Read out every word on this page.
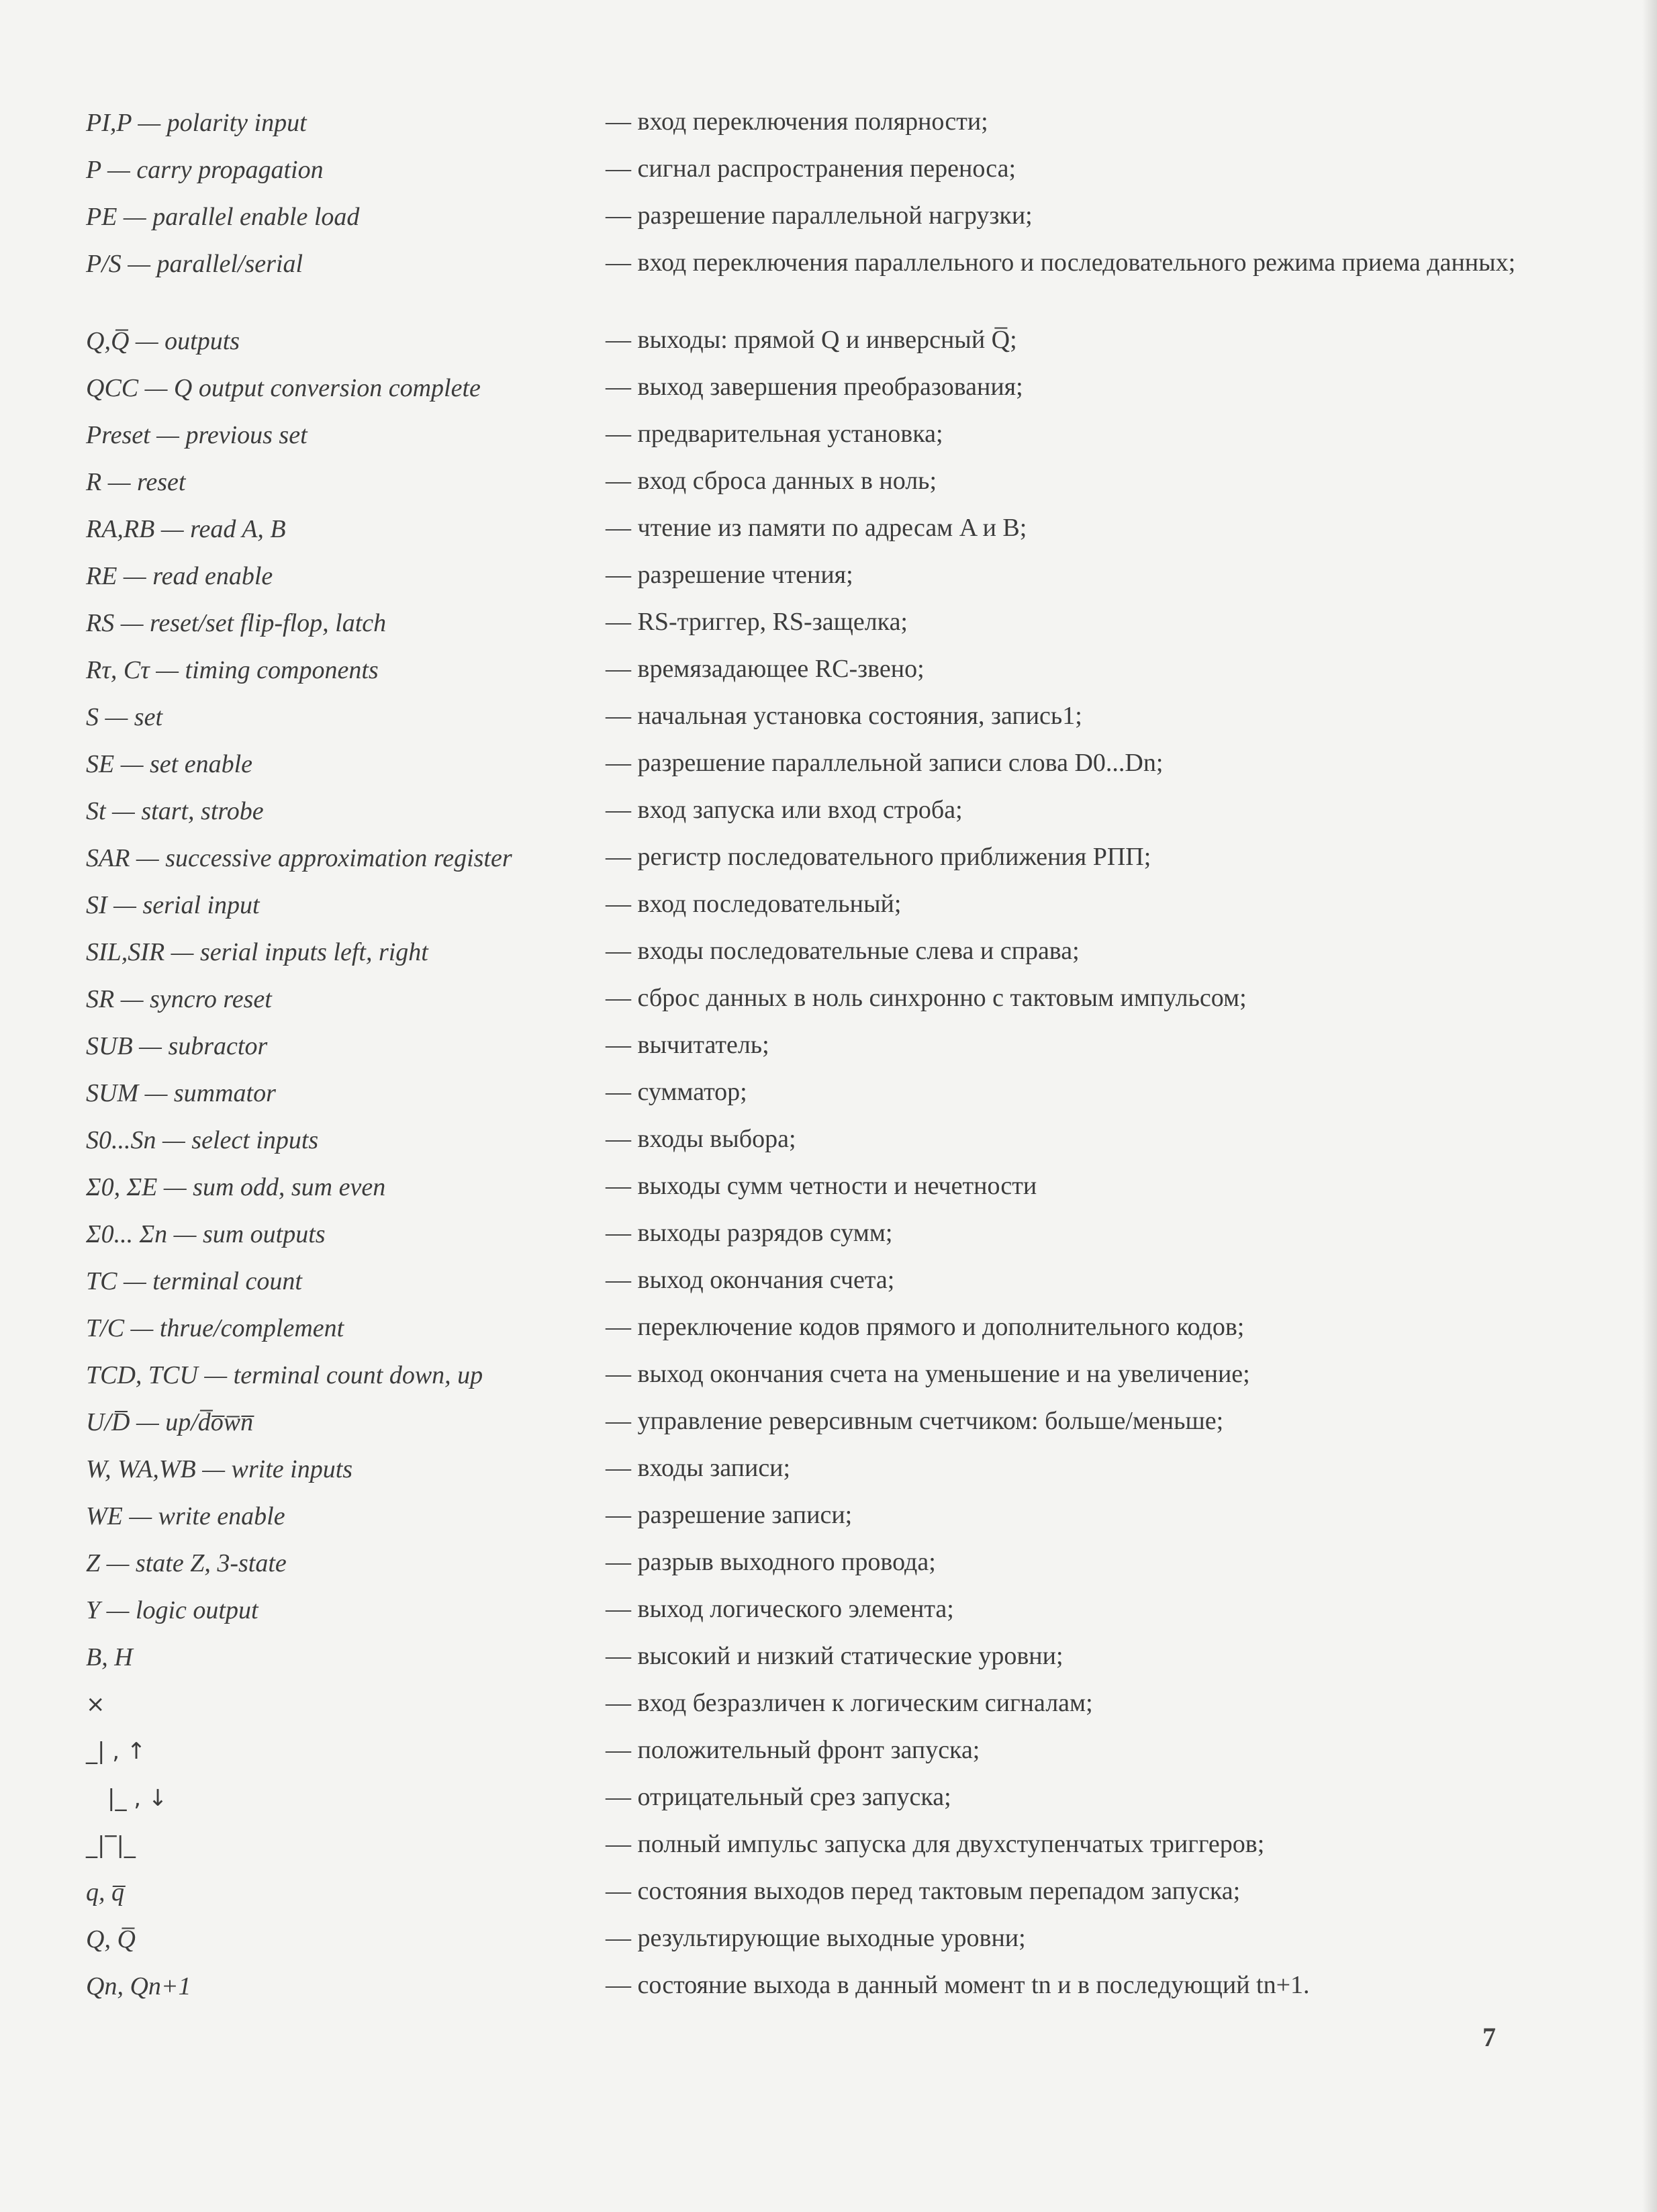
PI,P — polarity input	— вход переключения полярности;
P — carry propagation	— сигнал распространения переноса;
PE — parallel enable load	— разрешение параллельной нагрузки;
P/S — parallel/serial	— вход переключения параллельного и последовательного режима приема данных;
Q,Q̅ — outputs	— выходы: прямой Q и инверсный Q̅;
QCC — Q output conversion complete	— выход завершения преобразования;
Preset — previous set	— предварительная установка;
R — reset	— вход сброса данных в ноль;
RA,RB — read A, B	— чтение из памяти по адресам A и B;
RE — read enable	— разрешение чтения;
RS — reset/set flip-flop, latch	— RS-триггер, RS-защелка;
Rτ, Cτ — timing components	— времязадающее RC-звено;
S — set	— начальная установка состояния, запись1;
SE — set enable	— разрешение параллельной записи слова D0...Dn;
St — start, strobe	— вход запуска или вход строба;
SAR — successive approximation register	— регистр последовательного приближения РПП;
SI — serial input	— вход последовательный;
SIL,SIR — serial inputs left, right	— входы последовательные слева и справа;
SR — syncro reset	— сброс данных в ноль синхронно с тактовым импульсом;
SUB — subractor	— вычитатель;
SUM — summator	— сумматор;
S0...Sn — select inputs	— входы выбора;
Σ0, ΣE — sum odd, sum even	— выходы сумм четности и нечетности
Σ0... Σn — sum outputs	— выходы разрядов сумм;
TC — terminal count	— выход окончания счета;
T/C — thrue/complement	— переключение кодов прямого и дополнительного кодов;
TCD, TCU — terminal count down, up	— выход окончания счета на уменьшение и на увеличение;
U/D̅ — up/d̅o̅w̅n̅	— управление реверсивным счетчиком: больше/меньше;
W, WA,WB — write inputs	— входы записи;
WE — write enable	— разрешение записи;
Z — state Z, 3-state	— разрыв выходного провода;
Y — logic output	— выход логического элемента;
B, H	— высокий и низкий статические уровни;
×	— вход безразличен к логическим сигналам;
_| , ↑	— положительный фронт запуска;
|_ , ↓	— отрицательный срез запуска;
_|‾|_	— полный импульс запуска для двухступенчатых триггеров;
q, q̅	— состояния выходов перед тактовым перепадом запуска;
Q, Q̅	— результирующие выходные уровни;
Qn, Qn+1	— состояние выхода в данный момент tn и в последующий tn+1.
7
